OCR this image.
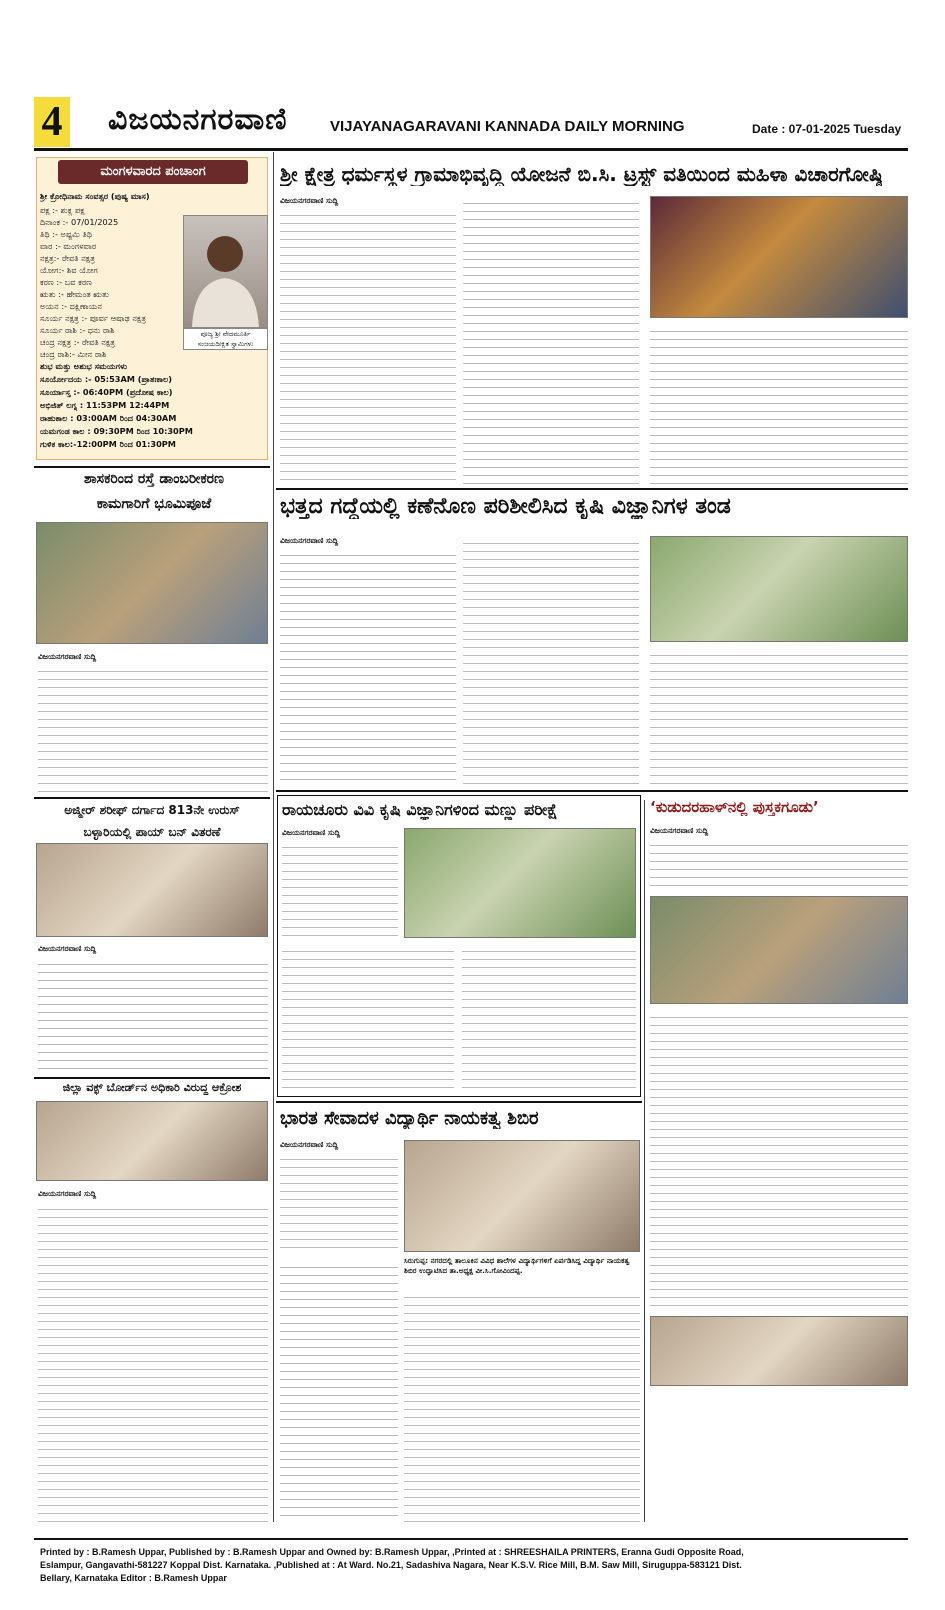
4 ವಿಜಯನಗರವಾಣಿ	VIJAYANAGARAVANI KANNADA DAILY MORNING	Date : 07-01-2025 Tuesday
ಮಂಗಳವಾರದ ಪಂಚಾಂಗ
ಶ್ರೀ ಕ್ರೋಧಿನಾಮ ಸಂವತ್ಸರ (ಪುಷ್ಯ ಮಾಸ)
ಪಕ್ಷ :- ಶುಕ್ಲ ಪಕ್ಷ
ದಿನಾಂಕ :- 07/01/2025
ತಿಥಿ :- ಅಷ್ಟಮಿ ತಿಥಿ
ವಾರ :- ಮಂಗಳವಾರ
ನಕ್ಷತ್ರ:- ರೇವತಿ ನಕ್ಷತ್ರ
ಯೋಗ:- ಶಿವ ಯೋಗ
ಕರಣ :- ಬವ ಕರಣ
ಋತು :- ಹೇಮಂತ ಋತು
ಅಯನ :- ದಕ್ಷಿಣಾಯನ
ಸೂರ್ಯ ನಕ್ಷತ್ರ :- ಪೂರ್ವ ಆಷಾಢ ನಕ್ಷತ್ರ
ಸೂರ್ಯ ರಾಶಿ :- ಧನು ರಾಶಿ
ಚಂದ್ರ ನಕ್ಷತ್ರ :- ರೇವತಿ ನಕ್ಷತ್ರ
ಚಂದ್ರ ರಾಶಿ:- ಮೀನ ರಾಶಿ
ಶುಭ ಮತ್ತು ಅಶುಭ ಸಮಯಗಳು
ಸೂರ್ಯೋದಯ :- 05:53AM (ಪ್ರಾತಃಕಾಲ)
ಸೂರ್ಯಾಸ್ತ :- 06:40PM (ಪ್ರದೋಷ ಕಾಲ)
ಅಭಿಜಿತ್ ಲಗ್ನ : 11:53PM 12:44PM
ರಾಹುಕಾಲ : 03:00AM ರಿಂದ 04:30AM
ಯಮಗಂಡ ಕಾಲ : 09:30PM ರಿಂದ 10:30PM
ಗುಳಿಕ ಕಾಲ:-12:00PM ರಿಂದ 01:30PM
ಪೂಜ್ಯ ಶ್ರೀ ವೇದಮೂರ್ತಿ ಸಂಜಯದೀಕ್ಷಿತ ಸ್ವಾಮಿಗಳು
ಶ್ರೀ ಕ್ಷೇತ್ರ ಧರ್ಮಸ್ಥಳ ಗ್ರಾಮಾಭಿವೃದ್ಧಿ ಯೋಜನೆ ಬಿ.ಸಿ. ಟ್ರಸ್ಟ್ ವತಿಯಿಂದ ಮಹಿಳಾ ವಿಚಾರಗೋಷ್ಠಿ
ವಿಜಯನಗರವಾಣಿ ಸುದ್ದಿ
ಶಾಸಕರಿಂದ ರಸ್ತೆ ಡಾಂಬರೀಕರಣ
ಕಾಮಗಾರಿಗೆ ಭೂಮಿಪೂಜೆ
ವಿಜಯನಗರವಾಣಿ ಸುದ್ದಿ
ಅಜ್ಮೀರ್ ಶರೀಫ್ ದರ್ಗಾದ 813ನೇ ಉರುಸ್
ಬಳ್ಳಾರಿಯಲ್ಲಿ ಪಾಯ್ ಬನ್ ವಿತರಣೆ
ವಿಜಯನಗರವಾಣಿ ಸುದ್ದಿ
ಜಿಲ್ಲಾ ವಕ್ಫ್ ಬೋರ್ಡ್‌ನ ಅಧಿಕಾರಿ ವಿರುದ್ಧ ಆಕ್ರೋಶ
ವಿಜಯನಗರವಾಣಿ ಸುದ್ದಿ
ಭತ್ತದ ಗದ್ದೆಯಲ್ಲಿ ಕಣೆನೊಣ ಪರಿಶೀಲಿಸಿದ ಕೃಷಿ ವಿಜ್ಞಾನಿಗಳ ತಂಡ
ವಿಜಯನಗರವಾಣಿ ಸುದ್ದಿ
ರಾಯಚೂರು ವಿವಿ ಕೃಷಿ ವಿಜ್ಞಾನಿಗಳಿಂದ ಮಣ್ಣು ಪರೀಕ್ಷೆ
ವಿಜಯನಗರವಾಣಿ ಸುದ್ದಿ
‘ಕುಡುದರಹಾಳ್‌ನಲ್ಲಿ ಪುಸ್ತಕಗೂಡು’
ವಿಜಯನಗರವಾಣಿ ಸುದ್ದಿ
ಭಾರತ ಸೇವಾದಳ ವಿದ್ಯಾರ್ಥಿ ನಾಯಕತ್ವ ಶಿಬಿರ
ವಿಜಯನಗರವಾಣಿ ಸುದ್ದಿ
ಸಿರುಗುಪ್ಪ: ನಗರದಲ್ಲಿ ತಾಲೂಕಿನ ವಿವಿಧ ಶಾಲೆಗಳ ವಿದ್ಯಾರ್ಥಿಗಳಿಗೆ ಏರ್ಪಡಿಸಿದ್ದ ವಿದ್ಯಾರ್ಥಿ ನಾಯಕತ್ವ ಶಿಬಿರ ಉದ್ಘಾಟಿಸಿದ ತಾ.ಅಧ್ಯಕ್ಷ ವೀ.ಸಿ.ಗೋವಿಂದಪ್ಪ.
Printed by : B.Ramesh Uppar, Published by : B.Ramesh Uppar and Owned by: B.Ramesh Uppar, ,Printed at : SHREESHAILA PRINTERS, Eranna Gudi Opposite Road,
Eslampur, Gangavathi-581227 Koppal Dist. Karnataka. ,Published at : At Ward. No.21, Sadashiva Nagara, Near K.S.V. Rice Mill, B.M. Saw Mill, Siruguppa-583121 Dist.
Bellary, Karnataka Editor : B.Ramesh Uppar
